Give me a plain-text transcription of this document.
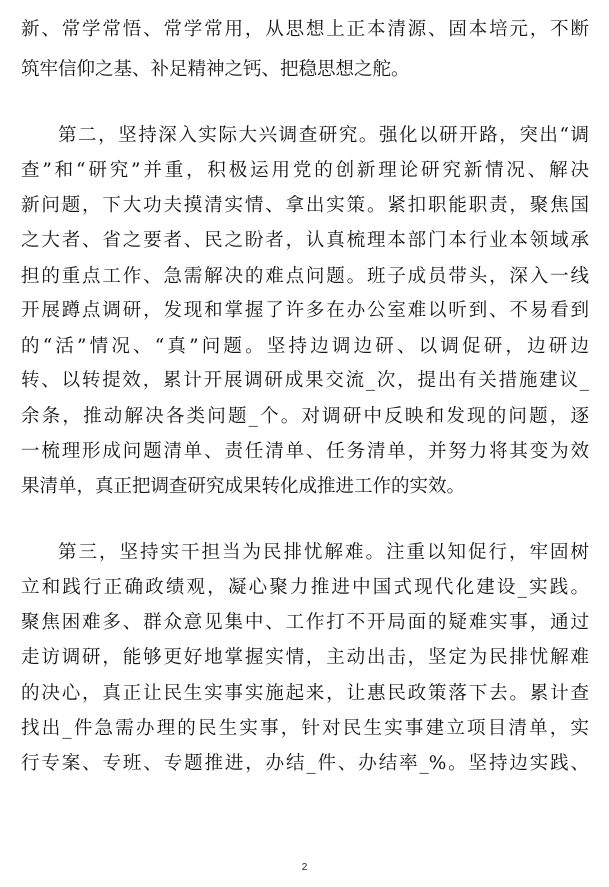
新、常学常悟、常学常用，从思想上正本清源、固本培元，不断
筑牢信仰之基、补足精神之钙、把稳思想之舵。
第二，坚持深入实际大兴调查研究。强化以研开路，突出“调
查”和“研究”并重，积极运用党的创新理论研究新情况、解决
新问题，下大功夫摸清实情、拿出实策。紧扣职能职责，聚焦国
之大者、省之要者、民之盼者，认真梳理本部门本行业本领域承
担的重点工作、急需解决的难点问题。班子成员带头，深入一线
开展蹲点调研，发现和掌握了许多在办公室难以听到、不易看到
的“活”情况、“真”问题。坚持边调边研、以调促研，边研边
转、以转提效，累计开展调研成果交流_次，提出有关措施建议_
余条，推动解决各类问题_个。对调研中反映和发现的问题，逐
一梳理形成问题清单、责任清单、任务清单，并努力将其变为效
果清单，真正把调查研究成果转化成推进工作的实效。
第三，坚持实干担当为民排忧解难。注重以知促行，牢固树
立和践行正确政绩观，凝心聚力推进中国式现代化建设_实践。
聚焦困难多、群众意见集中、工作打不开局面的疑难实事，通过
走访调研，能够更好地掌握实情，主动出击，坚定为民排忧解难
的决心，真正让民生实事实施起来，让惠民政策落下去。累计查
找出_件急需办理的民生实事，针对民生实事建立项目清单，实
行专案、专班、专题推进，办结_件、办结率_%。坚持边实践、
2
